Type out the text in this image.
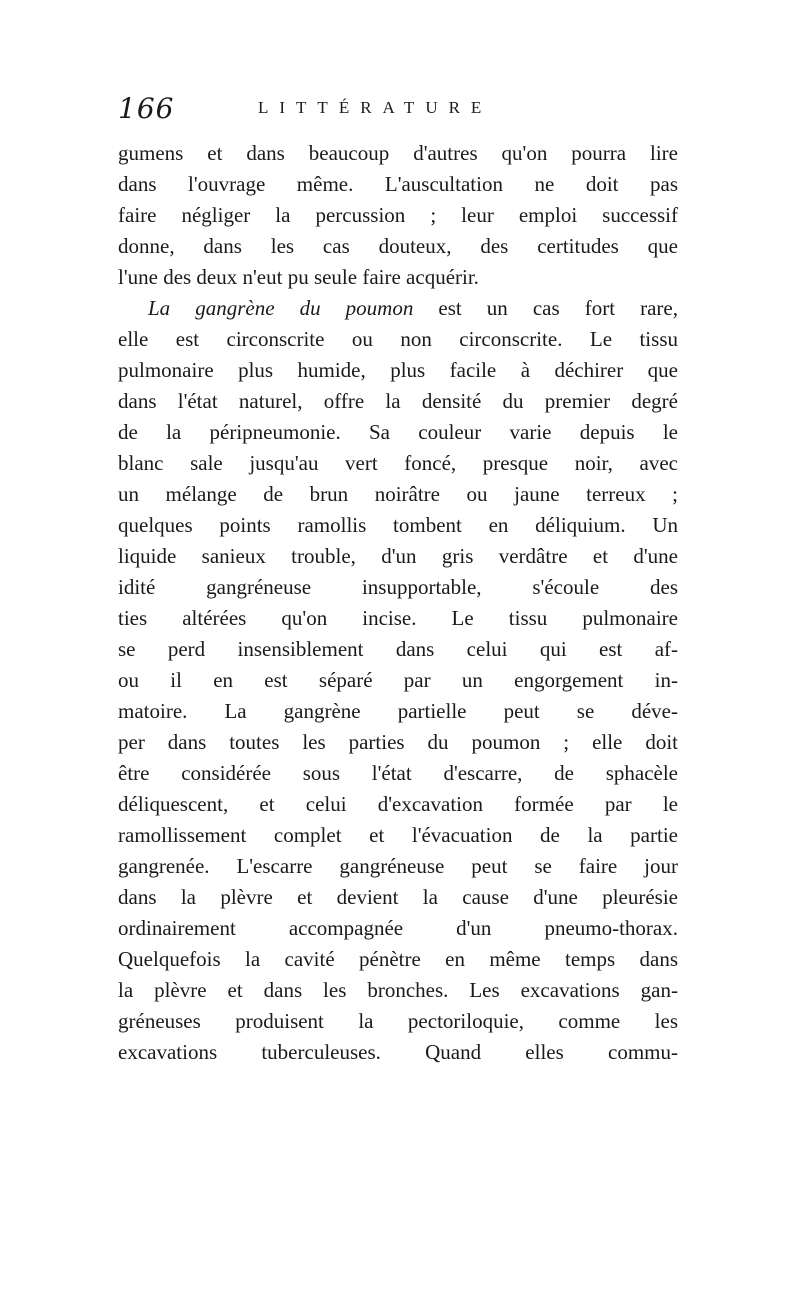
166	LITTÉRATURE
gumens et dans beaucoup d'autres qu'on pourra lire
dans l'ouvrage même. L'auscultation ne doit pas
faire négliger la percussion ; leur emploi successif
donne, dans les cas douteux, des certitudes que
l'une des deux n'eut pu seule faire acquérir.
La gangrène du poumon est un cas fort rare,
elle est circonscrite ou non circonscrite. Le tissu
pulmonaire plus humide, plus facile à déchirer que
dans l'état naturel, offre la densité du premier degré
de la péripneumonie. Sa couleur varie depuis le
blanc sale jusqu'au vert foncé, presque noir, avec
un mélange de brun noirâtre ou jaune terreux ;
quelques points ramollis tombent en déliquium. Un
liquide sanieux trouble, d'un gris verdâtre et d'une
idité gangréneuse insupportable, s'écoule des
ties altérées qu'on incise. Le tissu pulmonaire
se perd insensiblement dans celui qui est af-
ou il en est séparé par un engorgement in-
matoire. La gangrène partielle peut se déve-
per dans toutes les parties du poumon ; elle doit
être considérée sous l'état d'escarre, de sphacèle
déliquescent, et celui d'excavation formée par le
ramollissement complet et l'évacuation de la partie
gangrenée. L'escarre gangréneuse peut se faire jour
dans la plèvre et devient la cause d'une pleurésie
ordinairement accompagnée d'un pneumo-thorax.
Quelquefois la cavité pénètre en même temps dans
la plèvre et dans les bronches. Les excavations gan-
gréneuses produisent la pectoriloquie, comme les
excavations tuberculeuses. Quand elles commu-
